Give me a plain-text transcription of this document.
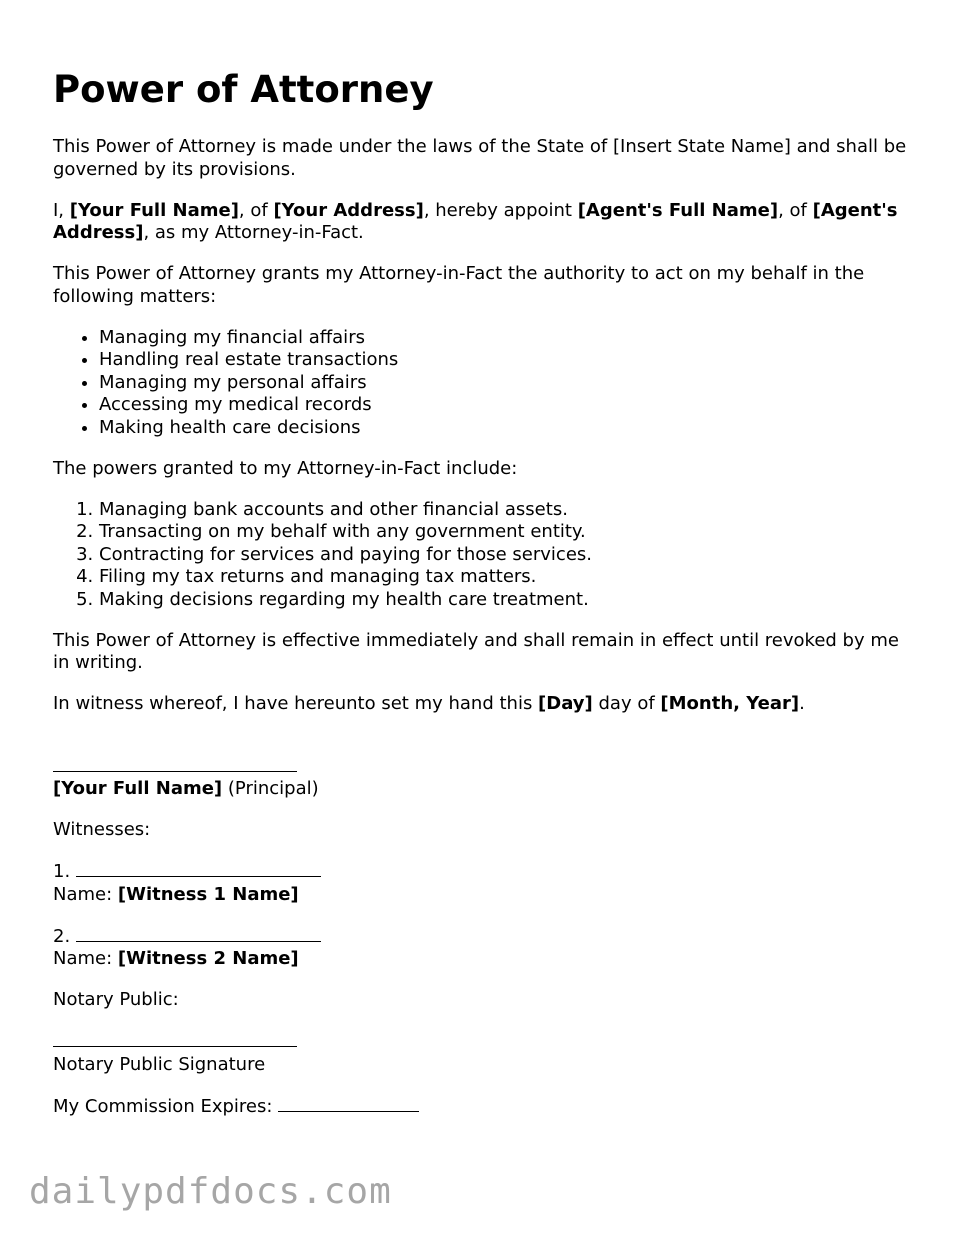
Power of Attorney

This Power of Attorney is made under the laws of the State of [Insert State Name] and shall be governed by its provisions.

I, [Your Full Name], of [Your Address], hereby appoint [Agent's Full Name], of [Agent's Address], as my Attorney-in-Fact.

This Power of Attorney grants my Attorney-in-Fact the authority to act on my behalf in the following matters:

• Managing my financial affairs
• Handling real estate transactions
• Managing my personal affairs
• Accessing my medical records
• Making health care decisions

The powers granted to my Attorney-in-Fact include:

1. Managing bank accounts and other financial assets.
2. Transacting on my behalf with any government entity.
3. Contracting for services and paying for those services.
4. Filing my tax returns and managing tax matters.
5. Making decisions regarding my health care treatment.

This Power of Attorney is effective immediately and shall remain in effect until revoked by me in writing.

In witness whereof, I have hereunto set my hand this [Day] day of [Month, Year].

[Your Full Name] (Principal)

Witnesses:

1.

Name: [Witness 1 Name]

2.

Name: [Witness 2 Name]

Notary Public:

Notary Public Signature

My Commission Expires:

dailypdfdocs.com
